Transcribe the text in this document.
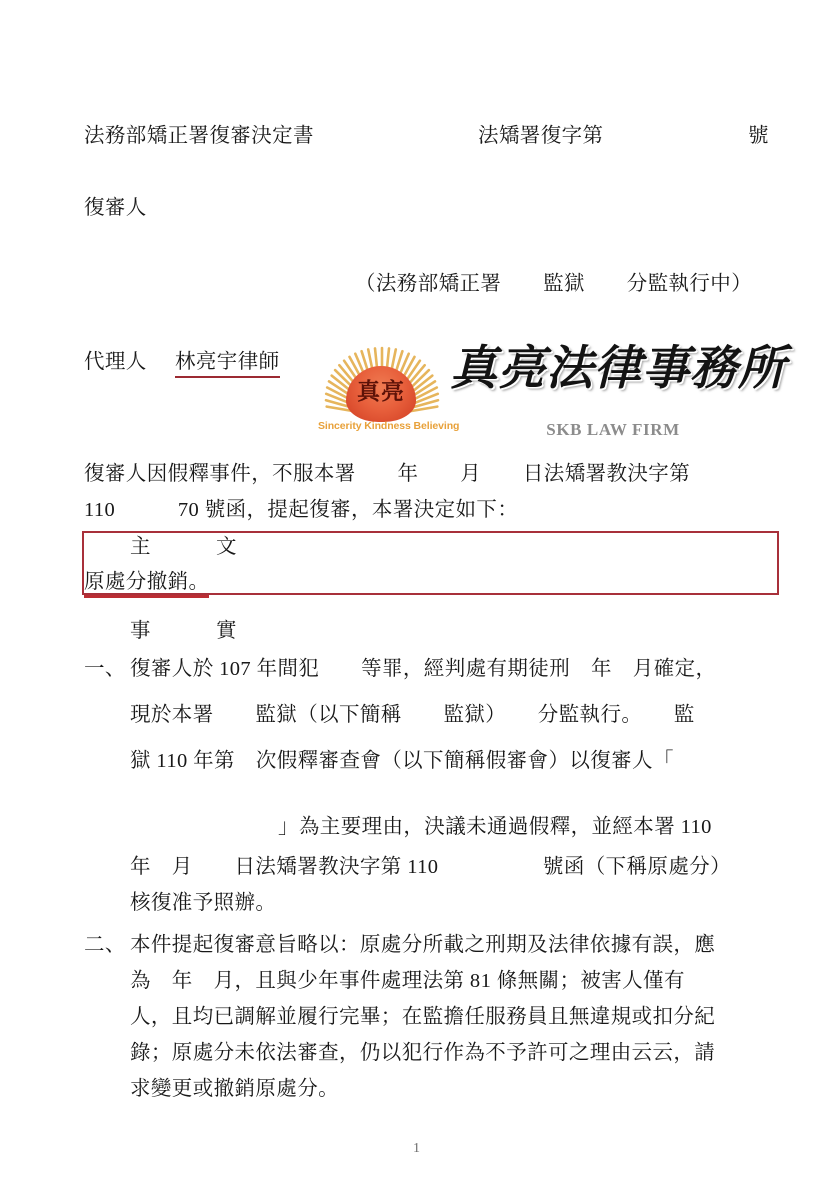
法務部矯正署復審決定書	法矯署復字第	號
復審人
（法務部矯正署　　監獄　　分監執行中）
代理人 林亮宇律師
真亮
Sincerity Kindness Believing
真亮法律事務所
SKB LAW FIRM
復審人因假釋事件，不服本署　　年　　月　　日法矯署教決字第
110　　　70 號函，提起復審，本署決定如下：
主　　　文
原處分撤銷。
事　　　實
一、 復審人於 107 年間犯　　等罪，經判處有期徒刑　年　月確定，
現於本署　　監獄（以下簡稱　　監獄）　　分監執行。　　監
獄 110 年第　次假釋審查會（以下簡稱假審會）以復審人「
」為主要理由，決議未通過假釋，並經本署 110
年　月　　日法矯署教決字第 110　　　　　號函（下稱原處分）
核復准予照辦。
二、 本件提起復審意旨略以：原處分所載之刑期及法律依據有誤，應
為　年　月，且與少年事件處理法第 81 條無關；被害人僅有
人，且均已調解並履行完畢；在監擔任服務員且無違規或扣分紀
錄；原處分未依法審查，仍以犯行作為不予許可之理由云云，請
求變更或撤銷原處分。
1
